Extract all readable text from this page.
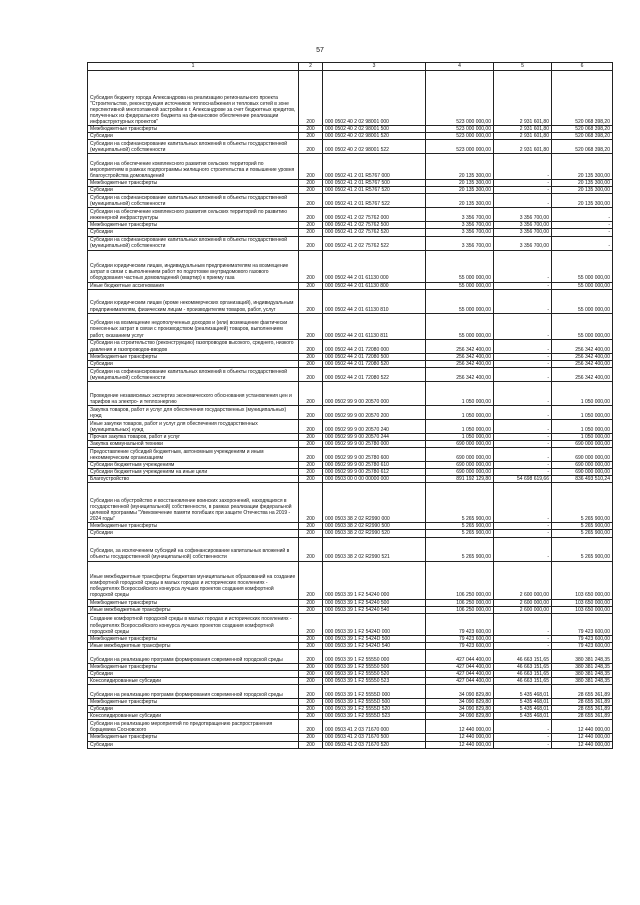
57
1	2	3	4	5	6
Субсидия бюджету города Александрова на реализацию регионального проекта "Строительство, реконструкция источников теплоснабжения и тепловых сетей в зоне перспективной многоэтажной застройки в г. Александрове за счет бюджетных кредитов, полученных из федерального бюджета на финансовое обеспечение реализации инфраструктурных проектов"	200	000 0502 40 2 02 98001 000	523 000 000,00	2 931 601,80	520 068 398,20
Межбюджетные трансферты	200	000 0502 40 2 02 98001 500	523 000 000,00	2 931 601,80	520 068 398,20
Субсидии	200	000 0502 40 2 02 98001 520	523 000 000,00	2 931 601,80	520 068 398,20
Субсидии на софинансирование капитальных вложений в объекты государственной (муниципальной) собственности	200	000 0502 40 2 02 98001 522	523 000 000,00	2 931 601,80	520 068 398,20
Субсидии на обеспечение комплексного развития сельских территорий по мероприятиям в рамках подпрограммы жилищного строительства и повышение уровня благоустройства домовладений	200	000 0502 41 2 01 R5767 000	20 135 300,00	-	20 135 300,00
Межбюджетные трансферты	200	000 0502 41 2 01 R5767 500	20 135 300,00	-	20 135 300,00
Субсидии	200	000 0502 41 2 01 R5767 520	20 135 300,00	-	20 135 300,00
Субсидии на софинансирование капитальных вложений в объекты государственной (муниципальной) собственности	200	000 0502 41 2 01 R5767 522	20 135 300,00	-	20 135 300,00
Субсидии на обеспечение комплексного развития сельских территорий по развитию инженерной инфраструктуры	200	000 0502 41 2 02 75762 000	3 356 700,00	3 356 700,00	-
Межбюджетные трансферты	200	000 0502 41 2 02 75762 500	3 356 700,00	3 356 700,00	-
Субсидии	200	000 0502 41 2 02 75762 520	3 356 700,00	3 356 700,00	-
Субсидии на софинансирование капитальных вложений в объекты государственной (муниципальной) собственности	200	000 0502 41 2 02 75762 522	3 356 700,00	3 356 700,00	-
Субсидии юридическим лицам, индивидуальным предпринимателям на возмещение затрат в связи с выполнением работ по подготовке внутридомового газового оборудования частных домовладений (квартир) к приему газа	200	000 0502 44 2 01 61130 000	55 000 000,00	-	55 000 000,00
Иные бюджетные ассигнования	200	000 0502 44 2 01 61130 800	55 000 000,00	-	55 000 000,00
Субсидии юридическим лицам (кроме некоммерческих организаций), индивидуальным предпринимателям, физическим лицам - производителям товаров, работ, услуг	200	000 0502 44 2 01 61130 810	55 000 000,00	-	55 000 000,00
Субсидии на возмещение недополученных доходов и (или) возмещение фактически понесенных затрат в связи с производством (реализацией) товаров, выполнением работ, оказанием услуг	200	000 0502 44 2 01 61130 811	55 000 000,00	-	55 000 000,00
Субсидии на строительство (реконструкцию) газопроводов высокого, среднего, низкого давления и газопроводов-вводов	200	000 0502 44 2 01 72080 000	256 342 400,00	-	256 342 400,00
Межбюджетные трансферты	200	000 0502 44 2 01 72080 500	256 342 400,00	-	256 342 400,00
Субсидии	200	000 0502 44 2 01 72080 520	256 342 400,00	-	256 342 400,00
Субсидии на софинансирование капитальных вложений в объекты государственной (муниципальной) собственности	200	000 0502 44 2 01 72080 522	256 342 400,00	-	256 342 400,00
Проведение независимых экспертиз экономического обоснования установления цен и тарифов на электро- и теплоэнергию	200	000 0502 99 9 00 20570 000	1 050 000,00	-	1 050 000,00
Закупка товаров, работ и услуг для обеспечения государственных (муниципальных) нужд	200	000 0502 99 9 00 20570 200	1 050 000,00	-	1 050 000,00
Иные закупки товаров, работ и услуг для обеспечения государственных (муниципальных) нужд	200	000 0502 99 9 00 20570 240	1 050 000,00	-	1 050 000,00
Прочая закупка товаров, работ и услуг	200	000 0502 99 9 00 20570 244	1 050 000,00	-	1 050 000,00
Закупка коммунальной техники	200	000 0502 99 9 00 25780 000	690 000 000,00	-	690 000 000,00
Предоставление субсидий бюджетным, автономным учреждениям и иным некоммерческим организациям	200	000 0502 99 9 00 25780 600	690 000 000,00	-	690 000 000,00
Субсидии бюджетным учреждениям	200	000 0502 99 9 00 25780 610	690 000 000,00	-	690 000 000,00
Субсидии бюджетным учреждениям на иные цели	200	000 0502 99 9 00 25780 612	690 000 000,00	-	690 000 000,00
Благоустройство	200	000 0503 00 0 00 00000 000	891 192 129,80	54 698 619,66	836 493 510,24
Субсидии на обустройство и восстановление воинских захоронений, находящихся в государственной (муниципальной) собственности, в рамках реализации федеральной целевой программы "Увековечение памяти погибших при защите Отечества на 2019 - 2024 годы"	200	000 0503 38 2 02 R2990 000	5 265 900,00	-	5 265 900,00
Межбюджетные трансферты	200	000 0503 38 2 02 R2990 500	5 265 900,00	-	5 265 900,00
Субсидии	200	000 0503 38 2 02 R2990 520	5 265 900,00	-	5 265 900,00
Субсидии, за исключением субсидий на софинансирование капитальных вложений в объекты государственной (муниципальной) собственности	200	000 0503 38 2 02 R2990 521	5 265 900,00	-	5 265 900,00
Иные межбюджетные трансферты бюджетам муниципальных образований на создание комфортной городской среды в малых городах и исторических поселениях - победителях Всероссийского конкурса лучших проектов создания комфортной городской среды	200	000 0503 39 1 F2 54240 000	106 250 000,00	2 600 000,00	103 650 000,00
Межбюджетные трансферты	200	000 0503 39 1 F2 54240 500	106 250 000,00	2 600 000,00	103 650 000,00
Иные межбюджетные трансферты	200	000 0503 39 1 F2 54240 540	106 250 000,00	2 600 000,00	103 650 000,00
Создание комфортной городской среды в малых городах и исторических поселениях - победителях Всероссийского конкурса лучших проектов создания комфортной городской среды	200	000 0503 39 1 F2 5424D 000	79 423 600,00	-	79 423 600,00
Межбюджетные трансферты	200	000 0503 39 1 F2 5424D 500	79 423 600,00	-	79 423 600,00
Иные межбюджетные трансферты	200	000 0503 39 1 F2 5424D 540	79 423 600,00	-	79 423 600,00
Субсидии на реализацию программ формирования современной городской среды	200	000 0503 39 1 F2 55550 000	427 044 400,00	46 663 151,65	380 381 248,35
Межбюджетные трансферты	200	000 0503 39 1 F2 55550 500	427 044 400,00	46 663 151,65	380 381 248,35
Субсидии	200	000 0503 39 1 F2 55550 520	427 044 400,00	46 663 151,65	380 381 248,35
Консолидированные субсидии	200	000 0503 39 1 F2 55550 523	427 044 400,00	46 663 151,65	380 381 248,35
Субсидии на реализацию программ формирования современной городской среды	200	000 0503 39 1 F2 5555D 000	34 090 829,80	5 435 468,01	28 655 361,89
Межбюджетные трансферты	200	000 0503 39 1 F2 5555D 500	34 090 829,80	5 435 468,01	28 655 361,89
Субсидии	200	000 0503 39 1 F2 5555D 520	34 090 829,80	5 435 468,01	28 655 361,89
Консолидированные субсидии	200	000 0503 39 1 F2 5555D 523	34 090 829,80	5 435 468,01	28 655 361,89
Субсидии на реализацию мероприятий по предотвращению распространения борщевика Сосновского	200	000 0503 41 2 03 71670 000	12 440 000,00	-	12 440 000,00
Межбюджетные трансферты	200	000 0503 41 2 03 71670 500	12 440 000,00	-	12 440 000,00
Субсидии	200	000 0503 41 2 03 71670 520	12 440 000,00	-	12 440 000,00
